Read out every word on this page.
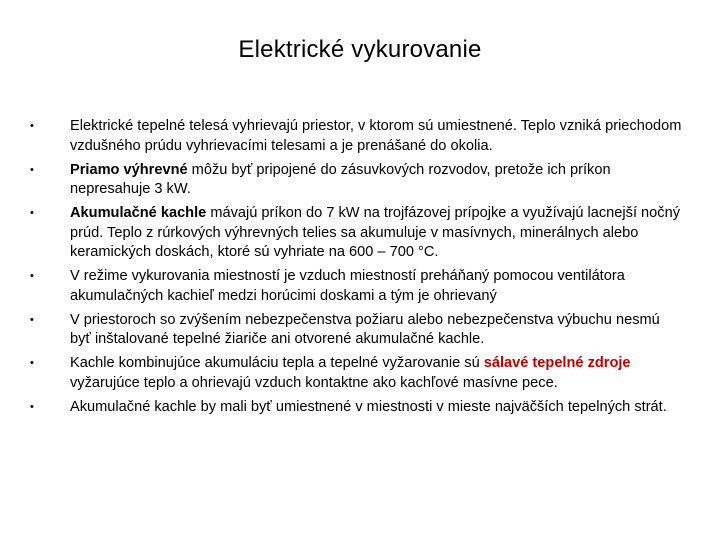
Elektrické vykurovanie
• Elektrické tepelné telesá vyhrievajú priestor, v ktorom sú umiestnené. Teplo vzniká priechodom vzdušného prúdu vyhrievacími telesami a je prenášané do okolia.
• Priamo výhrevné môžu byť pripojené do zásuvkových rozvodov, pretože ich príkon nepresahuje 3 kW.
• Akumulačné kachle mávajú príkon do 7 kW na trojfázovej prípojke a využívajú lacnejší nočný prúd. Teplo z rúrkových výhrevných telies sa akumuluje v masívnych, minerálnych alebo keramických doskách, ktoré sú vyhriate na 600 – 700 °C.
• V režime vykurovania miestností je vzduch miestností preháňaný pomocou ventilátora akumulačných kachieľ medzi horúcimi doskami a tým je ohrievaný
• V priestoroch so zvýšením nebezpečenstva požiaru alebo nebezpečenstva výbuchu nesmú byť inštalované tepelné žiariče ani otvorené akumulačné kachle.
• Kachle kombinujúce akumuláciu tepla a tepelné vyžarovanie sú sálavé tepelné zdroje vyžarujúce teplo a ohrievajú vzduch kontaktne ako kachľové masívne pece.
• Akumulačné kachle by mali byť umiestnené v miestnosti v mieste najväčších tepelných strát.
